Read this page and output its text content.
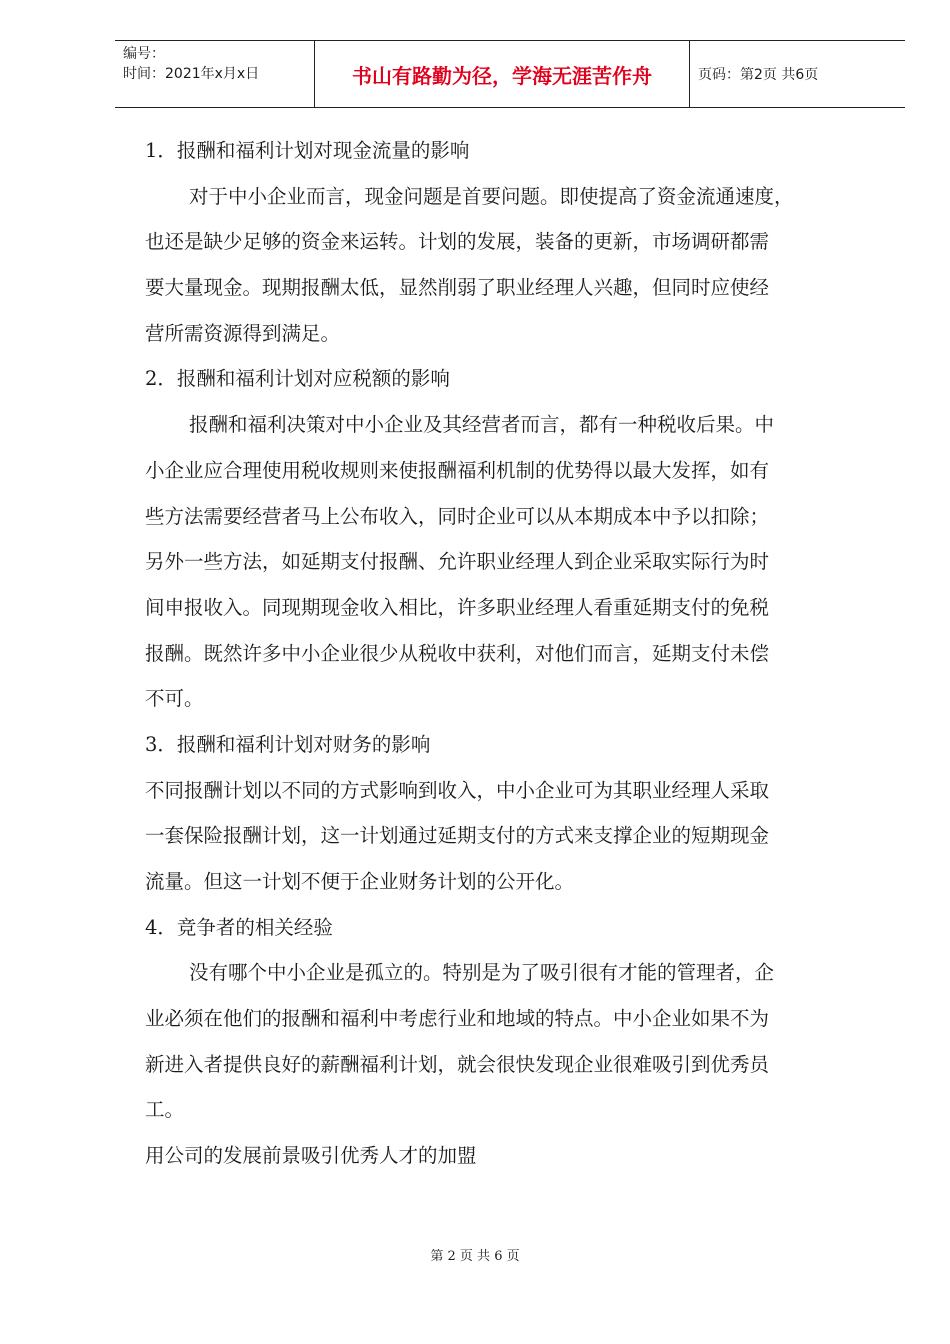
编号：
时间：2021年x月x日	书山有路勤为径，学海无涯苦作舟	页码：第2页 共6页
1．报酬和福利计划对现金流量的影响
对于中小企业而言，现金问题是首要问题。即使提高了资金流通速度，
也还是缺少足够的资金来运转。计划的发展，装备的更新，市场调研都需
要大量现金。现期报酬太低，显然削弱了职业经理人兴趣，但同时应使经
营所需资源得到满足。
2．报酬和福利计划对应税额的影响
报酬和福利决策对中小企业及其经营者而言，都有一种税收后果。中
小企业应合理使用税收规则来使报酬福利机制的优势得以最大发挥，如有
些方法需要经营者马上公布收入，同时企业可以从本期成本中予以扣除；
另外一些方法，如延期支付报酬、允许职业经理人到企业采取实际行为时
间申报收入。同现期现金收入相比，许多职业经理人看重延期支付的免税
报酬。既然许多中小企业很少从税收中获利，对他们而言，延期支付未偿
不可。
3．报酬和福利计划对财务的影响
不同报酬计划以不同的方式影响到收入，中小企业可为其职业经理人采取
一套保险报酬计划，这一计划通过延期支付的方式来支撑企业的短期现金
流量。但这一计划不便于企业财务计划的公开化。
4．竞争者的相关经验
没有哪个中小企业是孤立的。特别是为了吸引很有才能的管理者，企
业必须在他们的报酬和福利中考虑行业和地域的特点。中小企业如果不为
新进入者提供良好的薪酬福利计划，就会很快发现企业很难吸引到优秀员
工。
用公司的发展前景吸引优秀人才的加盟
第 2 页 共 6 页
